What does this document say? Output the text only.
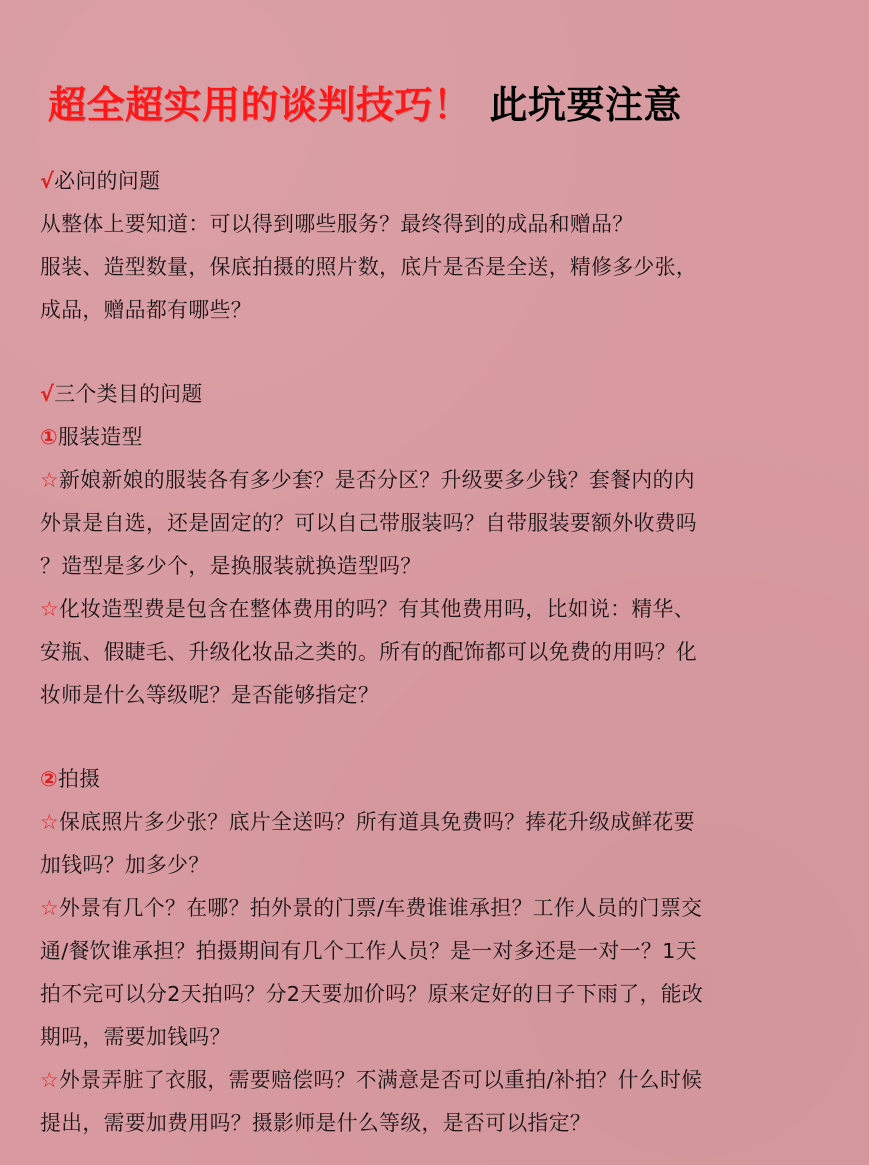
超全超实用的谈判技巧！ 此坑要注意
√必问的问题
从整体上要知道：可以得到哪些服务？最终得到的成品和赠品？
服装、造型数量，保底拍摄的照片数，底片是否是全送，精修多少张，
成品，赠品都有哪些？
√三个类目的问题
①服装造型
☆新娘新娘的服装各有多少套？是否分区？升级要多少钱？套餐内的内
外景是自选，还是固定的？可以自己带服装吗？自带服装要额外收费吗
？造型是多少个，是换服装就换造型吗？
☆化妆造型费是包含在整体费用的吗？有其他费用吗，比如说：精华、
安瓶、假睫毛、升级化妆品之类的。所有的配饰都可以免费的用吗？化
妆师是什么等级呢？是否能够指定？
②拍摄
☆保底照片多少张？底片全送吗？所有道具免费吗？捧花升级成鲜花要
加钱吗？加多少？
☆外景有几个？在哪？拍外景的门票/车费谁谁承担？工作人员的门票交
通/餐饮谁承担？拍摄期间有几个工作人员？是一对多还是一对一？1天
拍不完可以分2天拍吗？分2天要加价吗？原来定好的日子下雨了，能改
期吗，需要加钱吗？
☆外景弄脏了衣服，需要赔偿吗？不满意是否可以重拍/补拍？什么时候
提出，需要加费用吗？摄影师是什么等级，是否可以指定？
